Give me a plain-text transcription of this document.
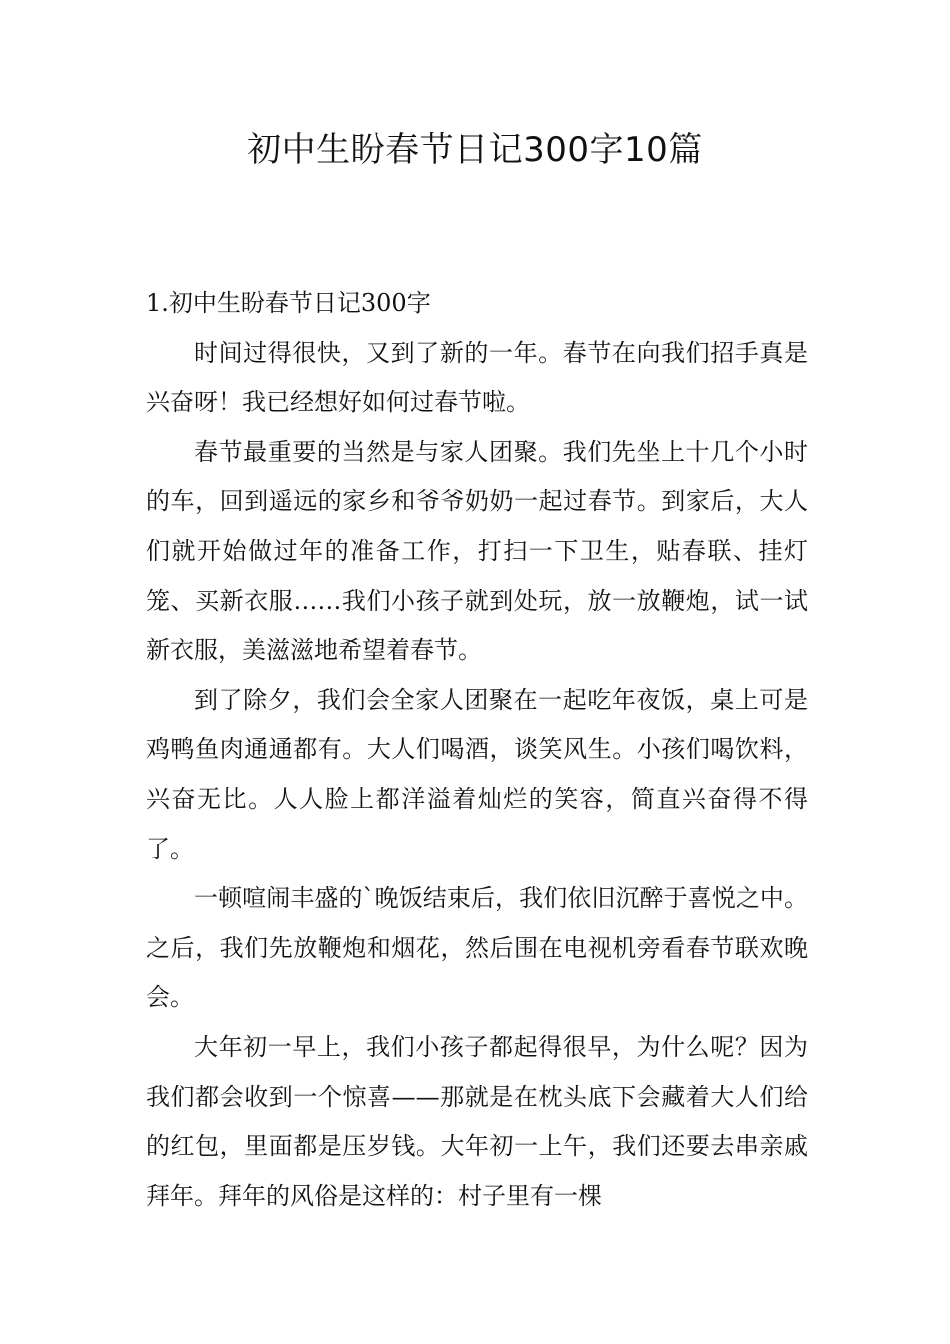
初中生盼春节日记300字10篇
1.初中生盼春节日记300字

时间过得很快，又到了新的一年。春节在向我们招手真是兴奋呀！我已经想好如何过春节啦。

春节最重要的当然是与家人团聚。我们先坐上十几个小时的车，回到遥远的家乡和爷爷奶奶一起过春节。到家后，大人们就开始做过年的准备工作，打扫一下卫生，贴春联、挂灯笼、买新衣服……我们小孩子就到处玩，放一放鞭炮，试一试新衣服，美滋滋地希望着春节。

到了除夕，我们会全家人团聚在一起吃年夜饭，桌上可是鸡鸭鱼肉通通都有。大人们喝酒，谈笑风生。小孩们喝饮料，兴奋无比。人人脸上都洋溢着灿烂的笑容，简直兴奋得不得了。

一顿喧闹丰盛的`晚饭结束后，我们依旧沉醉于喜悦之中。之后，我们先放鞭炮和烟花，然后围在电视机旁看春节联欢晚会。

大年初一早上，我们小孩子都起得很早，为什么呢？因为我们都会收到一个惊喜——那就是在枕头底下会藏着大人们给的红包，里面都是压岁钱。大年初一上午，我们还要去串亲戚拜年。拜年的风俗是这样的：村子里有一棵
